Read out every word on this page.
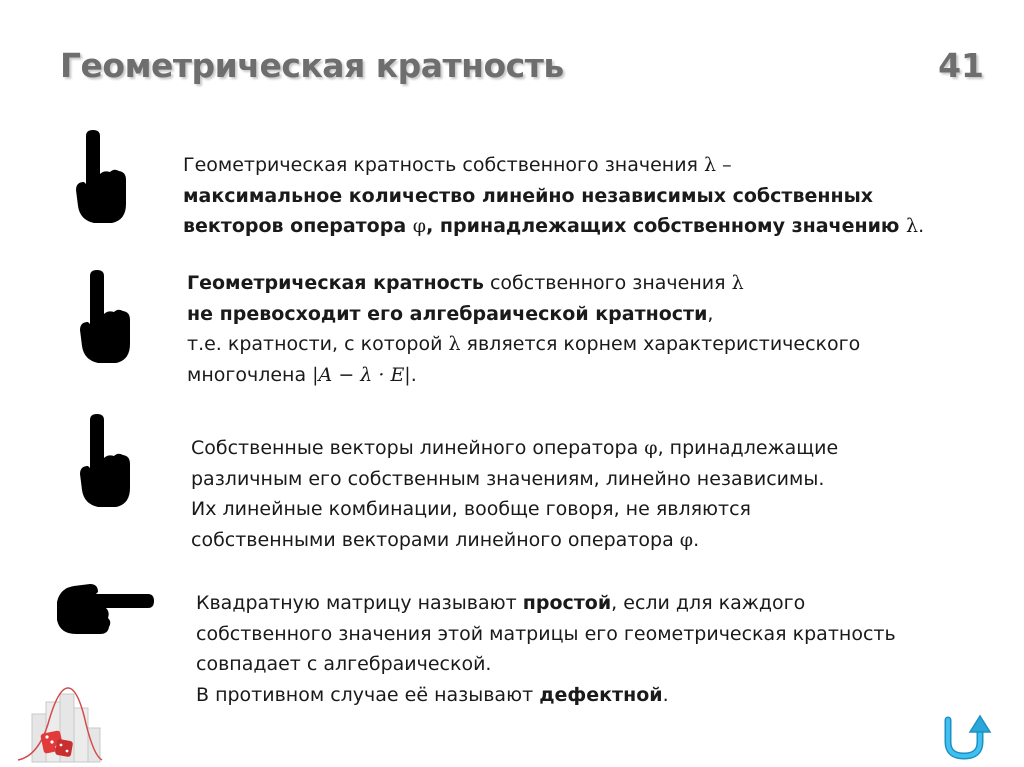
Геометрическая кратность	41
Геометрическая кратность собственного значения λ –
максимальное количество линейно независимых собственных
векторов оператора φ, принадлежащих собственному значению λ.
Геометрическая кратность собственного значения λ
не превосходит его алгебраической кратности,
т.е. кратности, с которой λ является корнем характеристического
многочлена |A − λ · E|.
Собственные векторы линейного оператора φ, принадлежащие
различным его собственным значениям, линейно независимы.
Их линейные комбинации, вообще говоря, не являются
собственными векторами линейного оператора φ.
Квадратную матрицу называют простой, если для каждого
собственного значения этой матрицы его геометрическая кратность
совпадает с алгебраической.
В противном случае её называют дефектной.
